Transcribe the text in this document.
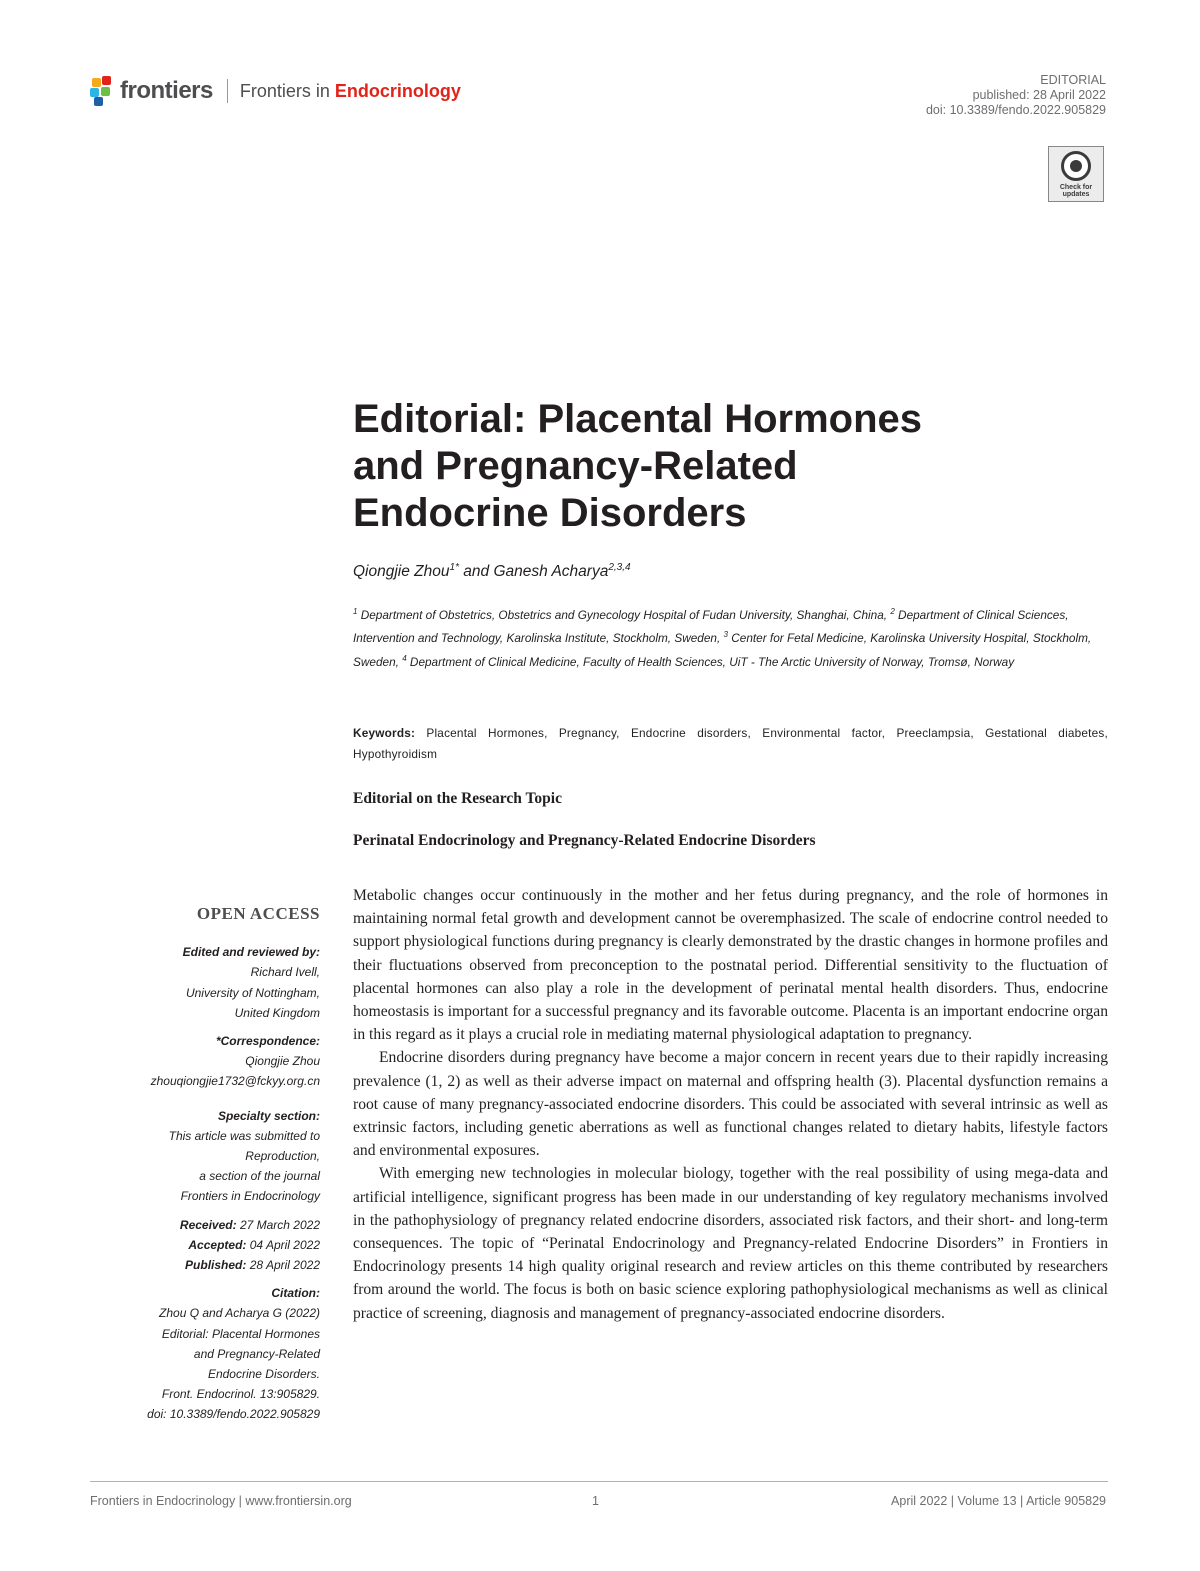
frontiers Frontiers in Endocrinology
EDITORIAL
published: 28 April 2022
doi: 10.3389/fendo.2022.905829
Check for
updates
Editorial: Placental Hormones
and Pregnancy-Related
Endocrine Disorders
Qiongjie Zhou$^{1*}$ and Ganesh Acharya$^{2,3,4}$
$^1$ Department of Obstetrics, Obstetrics and Gynecology Hospital of Fudan University, Shanghai, China, $^2$ Department of Clinical Sciences, Intervention and Technology, Karolinska Institute, Stockholm, Sweden, $^3$ Center for Fetal Medicine, Karolinska University Hospital, Stockholm, Sweden, $^4$ Department of Clinical Medicine, Faculty of Health Sciences, UiT - The Arctic University of Norway, Tromsø, Norway
Keywords: Placental Hormones, Pregnancy, Endocrine disorders, Environmental factor, Preeclampsia, Gestational diabetes, Hypothyroidism
Editorial on the Research Topic
Perinatal Endocrinology and Pregnancy-Related Endocrine Disorders
OPEN ACCESS
Edited and reviewed by:
Richard Ivell,
University of Nottingham,
United Kingdom
*Correspondence:
Qiongjie Zhou
zhouqiongjie1732@fckyy.org.cn
Specialty section:
This article was submitted to
Reproduction,
a section of the journal
Frontiers in Endocrinology
Received: 27 March 2022
Accepted: 04 April 2022
Published: 28 April 2022
Citation:
Zhou Q and Acharya G (2022)
Editorial: Placental Hormones
and Pregnancy-Related
Endocrine Disorders.
Front. Endocrinol. 13:905829.
doi: 10.3389/fendo.2022.905829

Metabolic changes occur continuously in the mother and her fetus during pregnancy, and the role of hormones in maintaining normal fetal growth and development cannot be overemphasized. The scale of endocrine control needed to support physiological functions during pregnancy is clearly demonstrated by the drastic changes in hormone profiles and their fluctuations observed from preconception to the postnatal period. Differential sensitivity to the fluctuation of placental hormones can also play a role in the development of perinatal mental health disorders. Thus, endocrine homeostasis is important for a successful pregnancy and its favorable outcome. Placenta is an important endocrine organ in this regard as it plays a crucial role in mediating maternal physiological adaptation to pregnancy.

Endocrine disorders during pregnancy have become a major concern in recent years due to their rapidly increasing prevalence (1, 2) as well as their adverse impact on maternal and offspring health (3). Placental dysfunction remains a root cause of many pregnancy-associated endocrine disorders. This could be associated with several intrinsic as well as extrinsic factors, including genetic aberrations as well as functional changes related to dietary habits, lifestyle factors and environmental exposures.

With emerging new technologies in molecular biology, together with the real possibility of using mega-data and artificial intelligence, significant progress has been made in our understanding of key regulatory mechanisms involved in the pathophysiology of pregnancy related endocrine disorders, associated risk factors, and their short- and long-term consequences. The topic of “Perinatal Endocrinology and Pregnancy-related Endocrine Disorders” in Frontiers in Endocrinology presents 14 high quality original research and review articles on this theme contributed by researchers from around the world. The focus is both on basic science exploring pathophysiological mechanisms as well as clinical practice of screening, diagnosis and management of pregnancy-associated endocrine disorders.

Frontiers in Endocrinology | www.frontiersin.org	1	April 2022 | Volume 13 | Article 905829
